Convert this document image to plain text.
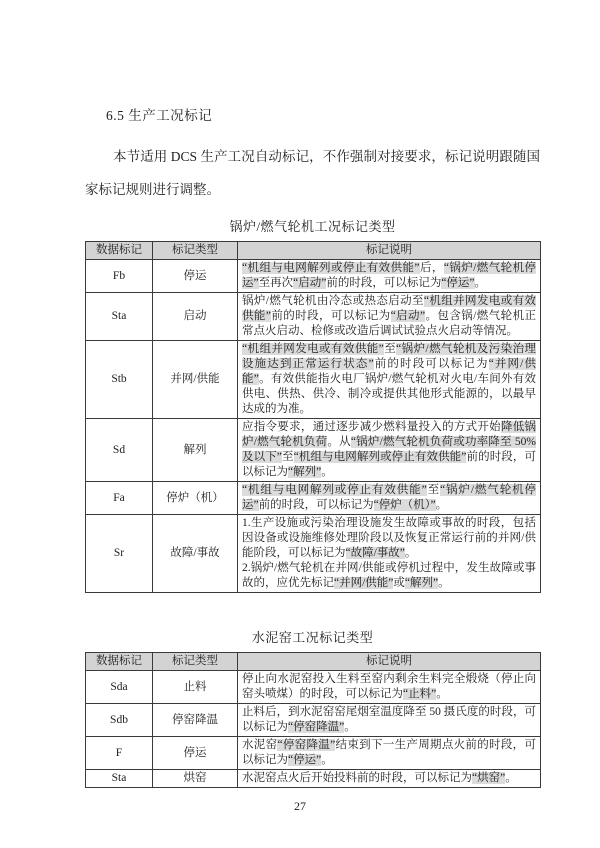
6.5 生产工况标记

本节适用 DCS 生产工况自动标记，不作强制对接要求，标记说明跟随国家标记规则进行调整。

锅炉/燃气轮机工况标记类型
数据标记	标记类型	标记说明
Fb	停运	“机组与电网解列或停止有效供能”后，“锅炉/燃气轮机停运”至再次“启动”前的时段，可以标记为“停运”。

Sta	启动	锅炉/燃气轮机由冷态或热态启动至“机组并网发电或有效供能”前的时段，可以标记为“启动”。包含锅/燃气轮机正常点火启动、检修或改造后调试试验点火启动等情况。

Stb	并网/供能	“机组并网发电或有效供能”至“锅炉/燃气轮机及污染治理设施达到正常运行状态”前的时段可以标记为“并网/供能”。有效供能指火电厂锅炉/燃气轮机对火电/车间外有效供电、供热、供冷、制冷或提供其他形式能源的，以最早达成的为准。

Sd	解列	应指令要求，通过逐步减少燃料量投入的方式开始降低锅炉/燃气轮机负荷。从“锅炉/燃气轮机负荷或功率降至 50%及以下”至“机组与电网解列或停止有效供能”前的时段，可以标记为“解列”。

Fa	停炉（机）	“机组与电网解列或停止有效供能”至“锅炉/燃气轮机停运”前的时段，可以标记为“停炉（机）”。

Sr	故障/事故	1.生产设施或污染治理设施发生故障或事故的时段，包括因设备或设施维修处理阶段以及恢复正常运行前的并网/供能阶段，可以标记为“故障/事故”。
2.锅炉/燃气轮机在并网/供能或停机过程中，发生故障或事故的，应优先标记“并网/供能”或“解列”。
水泥窑工况标记类型
数据标记	标记类型	标记说明
Sda	止料	停止向水泥窑投入生料至窑内剩余生料完全煅烧（停止向窑头喷煤）的时段，可以标记为“止料”。

Sdb	停窑降温	止料后，到水泥窑窑尾烟室温度降至 50 摄氏度的时段，可以标记为“停窑降温”。

F	停运	水泥窑“停窑降温”结束到下一生产周期点火前的时段，可以标记为“停运”。

Sta	烘窑	水泥窑点火后开始投料前的时段，可以标记为“烘窑”。
27
